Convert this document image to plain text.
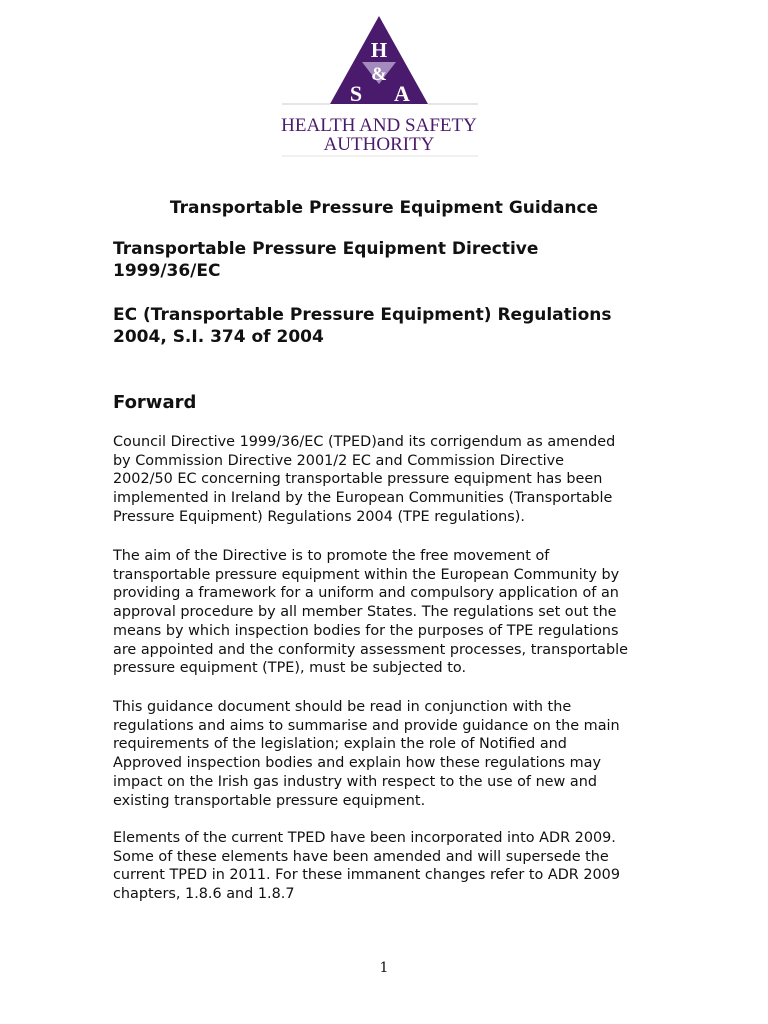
H
&
S A
HEALTH AND SAFETY
AUTHORITY
Transportable Pressure Equipment Guidance
Transportable Pressure Equipment Directive
1999/36/EC
EC (Transportable Pressure Equipment) Regulations
2004, S.I. 374 of 2004
Forward

Council Directive 1999/36/EC (TPED)and its corrigendum as amended
by Commission Directive 2001/2 EC and Commission Directive
2002/50 EC concerning transportable pressure equipment has been
implemented in Ireland by the European Communities (Transportable
Pressure Equipment) Regulations 2004 (TPE regulations).

The aim of the Directive is to promote the free movement of
transportable pressure equipment within the European Community by
providing a framework for a uniform and compulsory application of an
approval procedure by all member States. The regulations set out the
means by which inspection bodies for the purposes of TPE regulations
are appointed and the conformity assessment processes, transportable
pressure equipment (TPE), must be subjected to.

This guidance document should be read in conjunction with the
regulations and aims to summarise and provide guidance on the main
requirements of the legislation; explain the role of Notified and
Approved inspection bodies and explain how these regulations may
impact on the Irish gas industry with respect to the use of new and
existing transportable pressure equipment.

Elements of the current TPED have been incorporated into ADR 2009.
Some of these elements have been amended and will supersede the
current TPED in 2011. For these immanent changes refer to ADR 2009
chapters, 1.8.6 and 1.8.7

1
